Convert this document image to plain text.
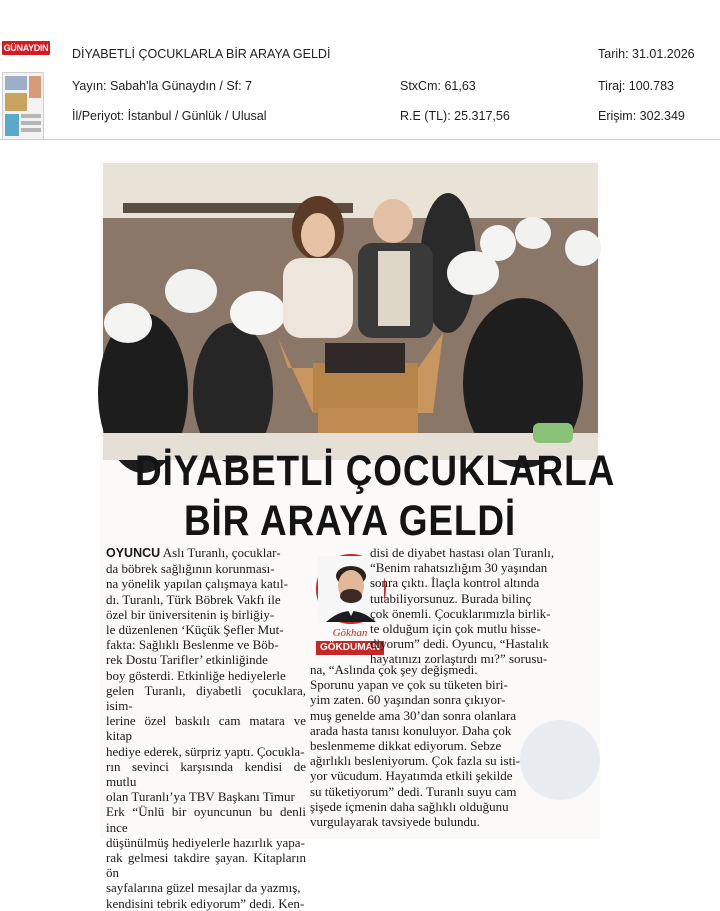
GÜNAYDIN DİYABETLİ ÇOCUKLARLA BİR ARAYA GELDİ	Tarih: 31.01.2026
Yayın: Sabah'la Günaydın / Sf: 7	StxCm: 61,63	Tiraj: 100.783
İl/Periyot: İstanbul / Günlük / Ulusal	R.E (TL): 25.317,56	Erişim: 302.349
DİYABETLİ ÇOCUKLARLA
BİR ARAYA GELDİ
OYUNCU Aslı Turanlı, çocuklar-
da böbrek sağlığının korunması-
na yönelik yapılan çalışmaya katıl-
dı. Turanlı, Türk Böbrek Vakfı ile
özel bir üniversitenin iş birliğiy-
le düzenlenen ‘Küçük Şefler Mut-
fakta: Sağlıklı Beslenme ve Böb-
rek Dostu Tarifler’ etkinliğinde
boy gösterdi. Etkinliğe hediyelerle
gelen Turanlı, diyabetli çocuklara, isim-
lerine özel baskılı cam matara ve kitap
hediye ederek, sürpriz yaptı. Çocukla-
rın sevinci karşısında kendisi de mutlu
olan Turanlı’ya TBV Başkanı Timur
Erk “Ünlü bir oyuncunun bu denli ince
düşünülmüş hediyelerle hazırlık yapa-
rak gelmesi takdire şayan. Kitapların ön
sayfalarına güzel mesajlar da yazmış,
kendisini tebrik ediyorum” dedi. Ken-
Gökhan
GÖKDUMAN
disi de diyabet hastası olan Turanlı,
“Benim rahatsızlığım 30 yaşından
sonra çıktı. İlaçla kontrol altında
tutabiliyorsunuz. Burada bilinç
çok önemli. Çocuklarımızla birlik-
te olduğum için çok mutlu hisse-
diyorum” dedi. Oyuncu, “Hastalık
hayatınızı zorlaştırdı mı?” sorusu-
na, “Aslında çok şey değişmedi.
Sporunu yapan ve çok su tüketen biri-
yim zaten. 60 yaşından sonra çıkıyor-
muş genelde ama 30’dan sonra olanlara
arada hasta tanısı konuluyor. Daha çok
beslenmeme dikkat ediyorum. Sebze
ağırlıklı besleniyorum. Çok fazla su isti-
yor vücudum. Hayatımda etkili şekilde
su tüketiyorum” dedi. Turanlı suyu cam
şişede içmenin daha sağlıklı olduğunu
vurgulayarak tavsiyede bulundu.
